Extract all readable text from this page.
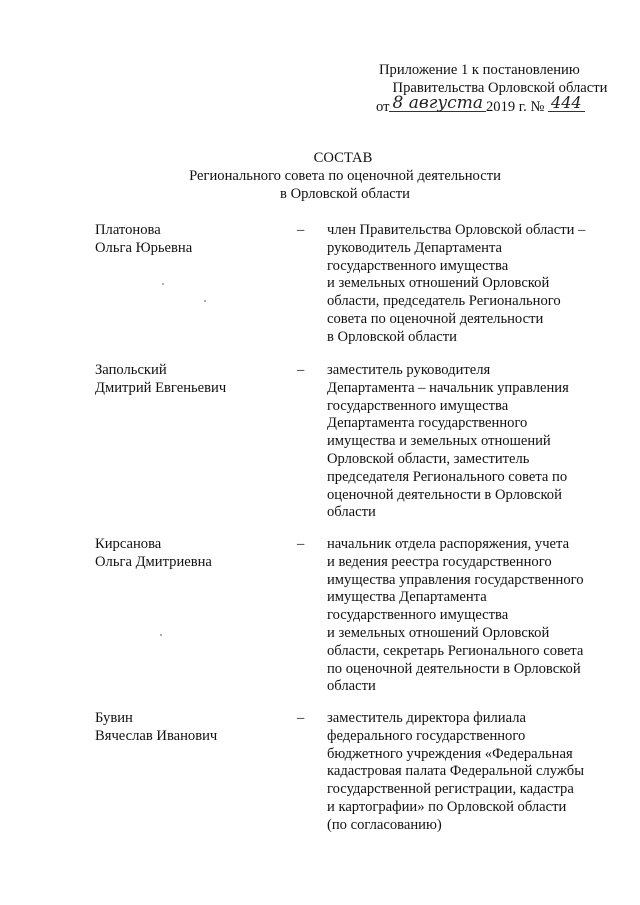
Приложение 1 к постановлению
Правительства Орловской области
от 8 августа 2019 г. № 444
СОСТАВ
Регионального совета по оценочной деятельности
в Орловской области
Платонова
Ольга Юрьевна
– член Правительства Орловской области –
руководитель Департамента
государственного имущества
и земельных отношений Орловской
области, председатель Регионального
совета по оценочной деятельности
в Орловской области
Запольский
Дмитрий Евгеньевич
– заместитель руководителя
Департамента – начальник управления
государственного имущества
Департамента государственного
имущества и земельных отношений
Орловской области, заместитель
председателя Регионального совета по
оценочной деятельности в Орловской
области
Кирсанова
Ольга Дмитриевна
– начальник отдела распоряжения, учета
и ведения реестра государственного
имущества управления государственного
имущества Департамента
государственного имущества
и земельных отношений Орловской
области, секретарь Регионального совета
по оценочной деятельности в Орловской
области
Бувин
Вячеслав Иванович
– заместитель директора филиала
федерального государственного
бюджетного учреждения «Федеральная
кадастровая палата Федеральной службы
государственной регистрации, кадастра
и картографии» по Орловской области
(по согласованию)
